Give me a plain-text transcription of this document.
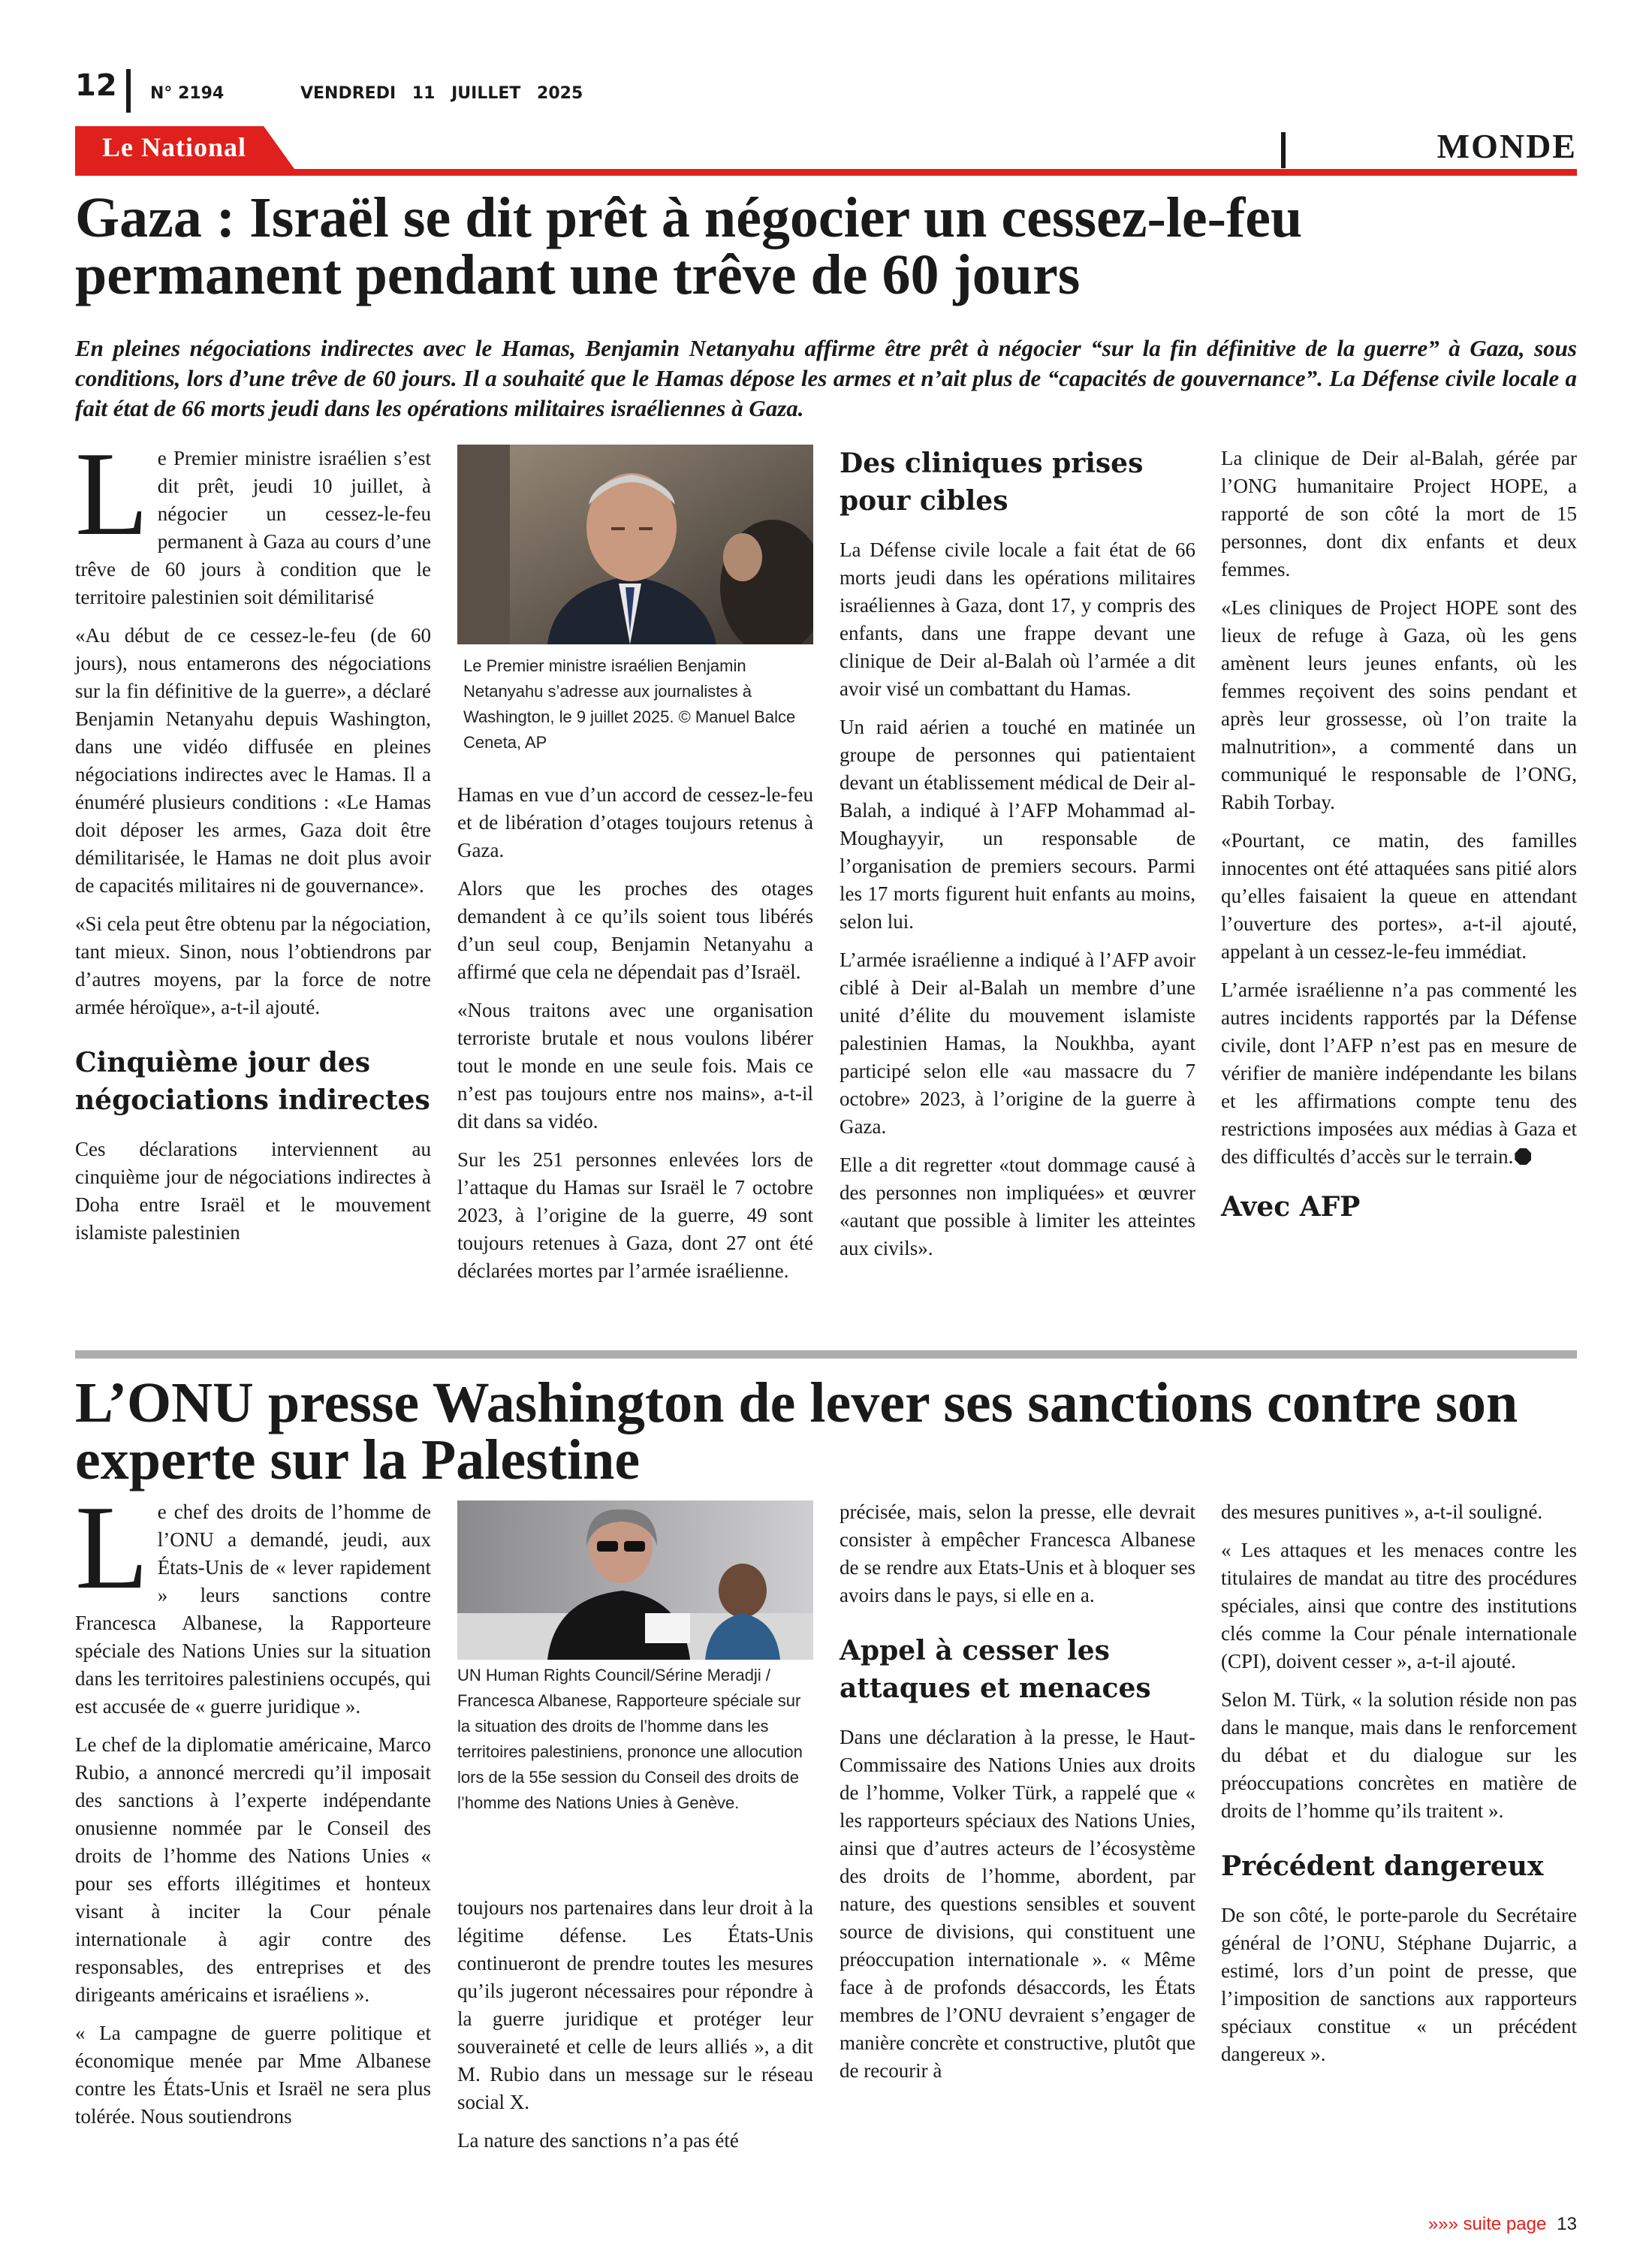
12 N° 2194	VENDREDI 11 JUILLET 2025
Le National	MONDE
Gaza : Israël se dit prêt à négocier un cessez-le-feu permanent pendant une trêve de 60 jours
En pleines négociations indirectes avec le Hamas, Benjamin Netanyahu affirme être prêt à négocier “sur la fin définitive de la guerre” à Gaza, sous conditions, lors d’une trêve de 60 jours. Il a souhaité que le Hamas dépose les armes et n’ait plus de “capacités de gouvernance”. La Défense civile locale a fait état de 66 morts jeudi dans les opérations militaires israéliennes à Gaza.

Le Premier ministre israélien s’est dit prêt, jeudi 10 juillet, à négocier un cessez-le-feu permanent à Gaza au cours d’une trêve de 60 jours à condition que le territoire palestinien soit démilitarisé

«Au début de ce cessez-le-feu (de 60 jours), nous entamerons des négociations sur la fin définitive de la guerre», a déclaré Benjamin Netanyahu depuis Washington, dans une vidéo diffusée en pleines négociations indirectes avec le Hamas. Il a énuméré plusieurs conditions : «Le Hamas doit déposer les armes, Gaza doit être démilitarisée, le Hamas ne doit plus avoir de capacités militaires ni de gouvernance».

«Si cela peut être obtenu par la négociation, tant mieux. Sinon, nous l’obtiendrons par d’autres moyens, par la force de notre armée héroïque», a-t-il ajouté.

Cinquième jour des négociations indirectes

Ces déclarations interviennent au cinquième jour de négociations indirectes à Doha entre Israël et le mouvement islamiste palestinien

Le Premier ministre israélien Benjamin Netanyahu s’adresse aux journalistes à Washington, le 9 juillet 2025. © Manuel Balce Ceneta, AP

Hamas en vue d’un accord de cessez-le-feu et de libération d’otages toujours retenus à Gaza.

Alors que les proches des otages demandent à ce qu’ils soient tous libérés d’un seul coup, Benjamin Netanyahu a affirmé que cela ne dépendait pas d’Israël.

«Nous traitons avec une organisation terroriste brutale et nous voulons libérer tout le monde en une seule fois. Mais ce n’est pas toujours entre nos mains», a-t-il dit dans sa vidéo.

Sur les 251 personnes enlevées lors de l’attaque du Hamas sur Israël le 7 octobre 2023, à l’origine de la guerre, 49 sont toujours retenues à Gaza, dont 27 ont été déclarées mortes par l’armée israélienne.

Des cliniques prises pour cibles

La Défense civile locale a fait état de 66 morts jeudi dans les opérations militaires israéliennes à Gaza, dont 17, y compris des enfants, dans une frappe devant une clinique de Deir al-Balah où l’armée a dit avoir visé un combattant du Hamas.

Un raid aérien a touché en matinée un groupe de personnes qui patientaient devant un établissement médical de Deir al-Balah, a indiqué à l’AFP Mohammad al-Moughayyir, un responsable de l’organisation de premiers secours. Parmi les 17 morts figurent huit enfants au moins, selon lui.

L’armée israélienne a indiqué à l’AFP avoir ciblé à Deir al-Balah un membre d’une unité d’élite du mouvement islamiste palestinien Hamas, la Noukhba, ayant participé selon elle «au massacre du 7 octobre» 2023, à l’origine de la guerre à Gaza.

Elle a dit regretter «tout dommage causé à des personnes non impliquées» et œuvrer «autant que possible à limiter les atteintes aux civils».

La clinique de Deir al-Balah, gérée par l’ONG humanitaire Project HOPE, a rapporté de son côté la mort de 15 personnes, dont dix enfants et deux femmes.

«Les cliniques de Project HOPE sont des lieux de refuge à Gaza, où les gens amènent leurs jeunes enfants, où les femmes reçoivent des soins pendant et après leur grossesse, où l’on traite la malnutrition», a commenté dans un communiqué le responsable de l’ONG, Rabih Torbay.

«Pourtant, ce matin, des familles innocentes ont été attaquées sans pitié alors qu’elles faisaient la queue en attendant l’ouverture des portes», a-t-il ajouté, appelant à un cessez-le-feu immédiat.

L’armée israélienne n’a pas commenté les autres incidents rapportés par la Défense civile, dont l’AFP n’est pas en mesure de vérifier de manière indépendante les bilans et les affirmations compte tenu des restrictions imposées aux médias à Gaza et des difficultés d’accès sur le terrain.

Avec AFP
L’ONU presse Washington de lever ses sanctions contre son experte sur la Palestine

Le chef des droits de l’homme de l’ONU a demandé, jeudi, aux États-Unis de « lever rapidement » leurs sanctions contre Francesca Albanese, la Rapporteure spéciale des Nations Unies sur la situation dans les territoires palestiniens occupés, qui est accusée de « guerre juridique ».

Le chef de la diplomatie américaine, Marco Rubio, a annoncé mercredi qu’il imposait des sanctions à l’experte indépendante onusienne nommée par le Conseil des droits de l’homme des Nations Unies « pour ses efforts illégitimes et honteux visant à inciter la Cour pénale internationale à agir contre des responsables, des entreprises et des dirigeants américains et israéliens ».

« La campagne de guerre politique et économique menée par Mme Albanese contre les États-Unis et Israël ne sera plus tolérée. Nous soutiendrons

UN Human Rights Council/Sérine Meradji / Francesca Albanese, Rapporteure spéciale sur la situation des droits de l’homme dans les territoires palestiniens, prononce une allocution lors de la 55e session du Conseil des droits de l’homme des Nations Unies à Genève.

toujours nos partenaires dans leur droit à la légitime défense. Les États-Unis continueront de prendre toutes les mesures qu’ils jugeront nécessaires pour répondre à la guerre juridique et protéger leur souveraineté et celle de leurs alliés », a dit M. Rubio dans un message sur le réseau social X.

La nature des sanctions n’a pas été

précisée, mais, selon la presse, elle devrait consister à empêcher Francesca Albanese de se rendre aux Etats-Unis et à bloquer ses avoirs dans le pays, si elle en a.

Appel à cesser les attaques et menaces

Dans une déclaration à la presse, le Haut-Commissaire des Nations Unies aux droits de l’homme, Volker Türk, a rappelé que « les rapporteurs spéciaux des Nations Unies, ainsi que d’autres acteurs de l’écosystème des droits de l’homme, abordent, par nature, des questions sensibles et souvent source de divisions, qui constituent une préoccupation internationale ». « Même face à de profonds désaccords, les États membres de l’ONU devraient s’engager de manière concrète et constructive, plutôt que de recourir à

des mesures punitives », a-t-il souligné.

« Les attaques et les menaces contre les titulaires de mandat au titre des procédures spéciales, ainsi que contre des institutions clés comme la Cour pénale internationale (CPI), doivent cesser », a-t-il ajouté.

Selon M. Türk, « la solution réside non pas dans le manque, mais dans le renforcement du débat et du dialogue sur les préoccupations concrètes en matière de droits de l’homme qu’ils traitent ».

Précédent dangereux

De son côté, le porte-parole du Secrétaire général de l’ONU, Stéphane Dujarric, a estimé, lors d’un point de presse, que l’imposition de sanctions aux rapporteurs spéciaux constitue « un précédent dangereux ».

»»» suite page 13
